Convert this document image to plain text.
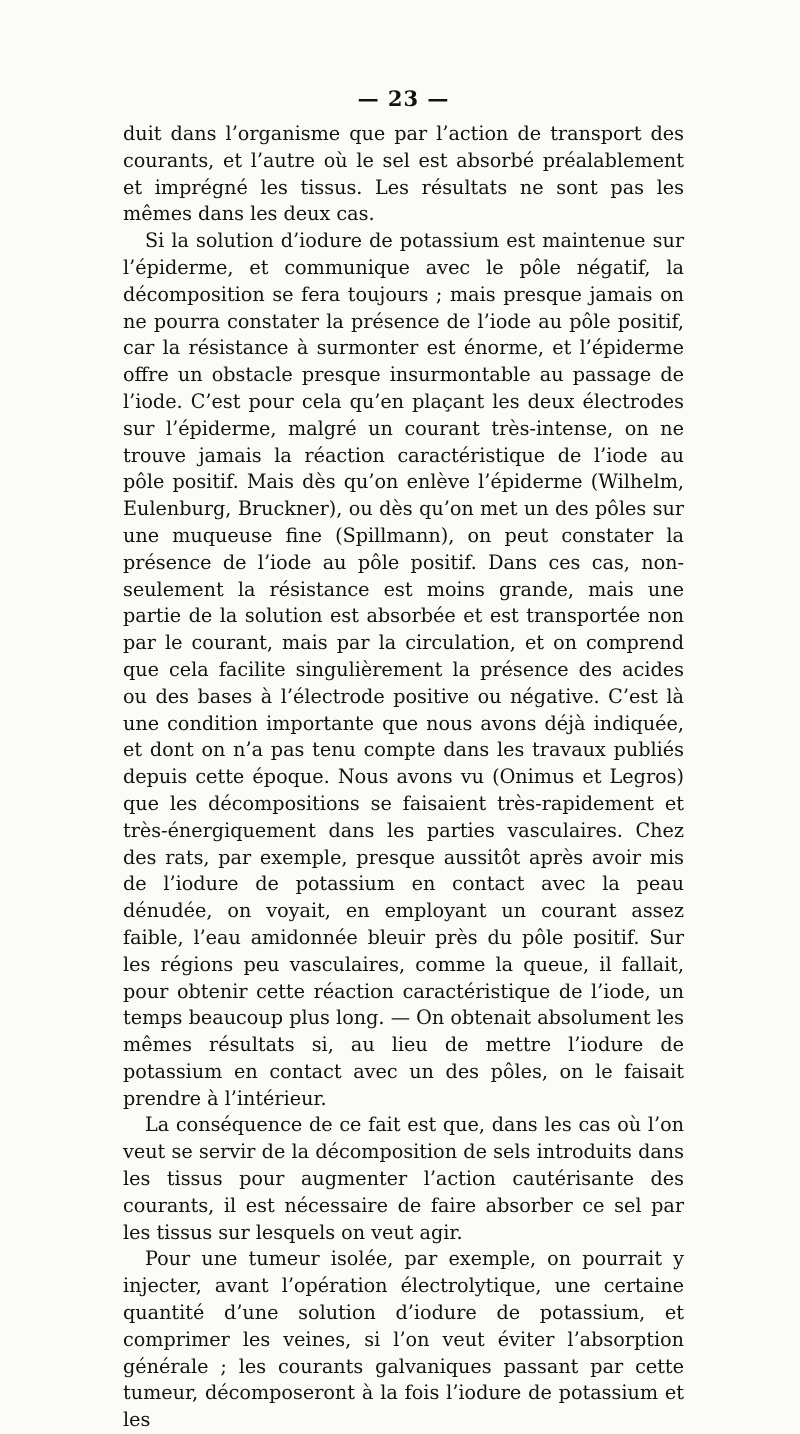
— 23 —

duit dans l’organisme que par l’action de transport des courants, et l’autre où le sel est absorbé préalablement et imprégné les tissus. Les résultats ne sont pas les mêmes dans les deux cas.

Si la solution d’iodure de potassium est maintenue sur l’épiderme, et communique avec le pôle négatif, la décomposition se fera toujours ; mais presque jamais on ne pourra constater la présence de l’iode au pôle positif, car la résistance à surmonter est énorme, et l’épiderme offre un obstacle presque insurmontable au passage de l’iode. C’est pour cela qu’en plaçant les deux électrodes sur l’épiderme, malgré un courant très-intense, on ne trouve jamais la réaction caractéristique de l’iode au pôle positif. Mais dès qu’on enlève l’épiderme (Wilhelm, Eulenburg, Bruckner), ou dès qu’on met un des pôles sur une muqueuse fine (Spillmann), on peut constater la présence de l’iode au pôle positif. Dans ces cas, non-seulement la résistance est moins grande, mais une partie de la solution est absorbée et est transportée non par le courant, mais par la circulation, et on comprend que cela facilite singulièrement la présence des acides ou des bases à l’électrode positive ou négative. C’est là une condition importante que nous avons déjà indiquée, et dont on n’a pas tenu compte dans les travaux publiés depuis cette époque. Nous avons vu (Onimus et Legros) que les décompositions se faisaient très-rapidement et très-énergiquement dans les parties vasculaires. Chez des rats, par exemple, presque aussitôt après avoir mis de l’iodure de potassium en contact avec la peau dénudée, on voyait, en employant un courant assez faible, l’eau amidonnée bleuir près du pôle positif. Sur les régions peu vasculaires, comme la queue, il fallait, pour obtenir cette réaction caractéristique de l’iode, un temps beaucoup plus long. — On obtenait absolument les mêmes résultats si, au lieu de mettre l’iodure de potassium en contact avec un des pôles, on le faisait prendre à l’intérieur.

La conséquence de ce fait est que, dans les cas où l’on veut se servir de la décomposition de sels introduits dans les tissus pour augmenter l’action cautérisante des courants, il est nécessaire de faire absorber ce sel par les tissus sur lesquels on veut agir.

Pour une tumeur isolée, par exemple, on pourrait y injecter, avant l’opération électrolytique, une certaine quantité d’une solution d’iodure de potassium, et comprimer les veines, si l’on veut éviter l’absorption générale ; les courants galvaniques passant par cette tumeur, décomposeront à la fois l’iodure de potassium et les
